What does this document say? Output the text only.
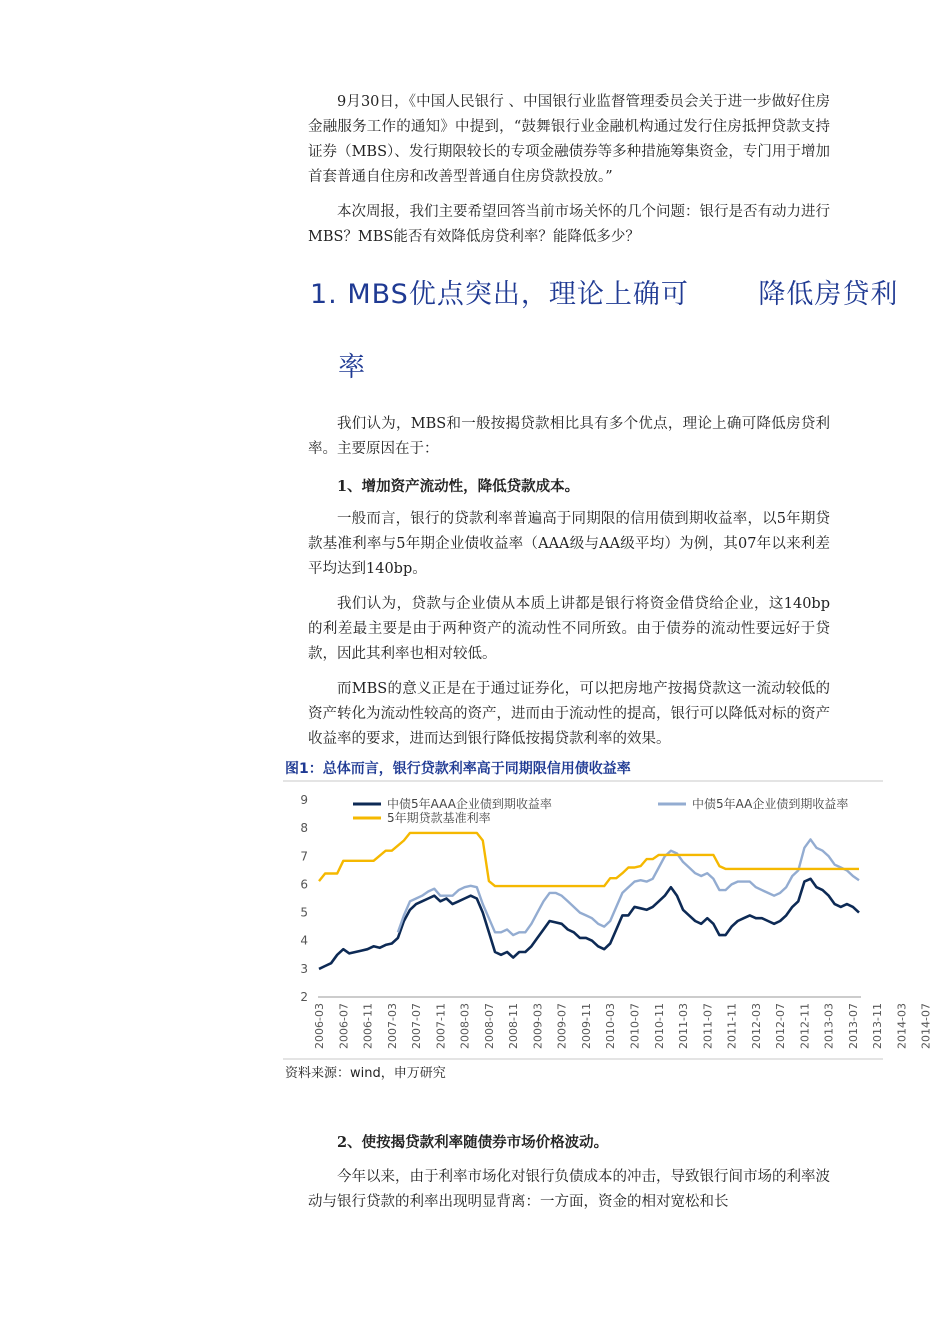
9月30日，《中国人民银行 、中国银行业监督管理委员会关于进一步做好住房金融服务工作的通知》中提到，“鼓舞银行业金融机构通过发行住房抵押贷款支持证券（MBS）、发行期限较长的专项金融债券等多种措施筹集资金，专门用于增加首套普通自住房和改善型普通自住房贷款投放。”

本次周报，我们主要希望回答当前市场关怀的几个问题：银行是否有动力进行MBS？MBS能否有效降低房贷利率？能降低多少？

1. MBS优点突出，理论上确可	降低房贷利
率

我们认为，MBS和一般按揭贷款相比具有多个优点，理论上确可降低房贷利率。主要原因在于：

1、增加资产流动性，降低贷款成本。

一般而言，银行的贷款利率普遍高于同期限的信用债到期收益率，以5年期贷款基准利率与5年期企业债收益率（AAA级与AA级平均）为例，其07年以来利差平均达到140bp。

我们认为，贷款与企业债从本质上讲都是银行将资金借贷给企业，这140bp的利差最主要是由于两种资产的流动性不同所致。由于债券的流动性要远好于贷款，因此其利率也相对较低。

而MBS的意义正是在于通过证券化，可以把房地产按揭贷款这一流动较低的资产转化为流动性较高的资产，进而由于流动性的提高，银行可以降低对标的资产收益率的要求，进而达到银行降低按揭贷款利率的效果。

图1：总体而言，银行贷款利率高于同期限信用债收益率
2
3
4
5
6
7
8
9
2006-03 2006-07 2006-11 2007-03 2007-07 2007-11 2008-03 2008-07 2008-11 2009-03 2009-07 2009-11 2010-03 2010-07 2010-11 2011-03 2011-07 2011-11 2012-03 2012-07 2012-11 2013-03 2013-07 2013-11 2014-03 2014-07
中债5年AAA企业债到期收益率	中债5年AA企业债到期收益率
5年期贷款基准利率
资料来源：wind，申万研究

2、使按揭贷款利率随债券市场价格波动。

今年以来，由于利率市场化对银行负债成本的冲击，导致银行间市场的利率波动与银行贷款的利率出现明显背离：一方面，资金的相对宽松和长
